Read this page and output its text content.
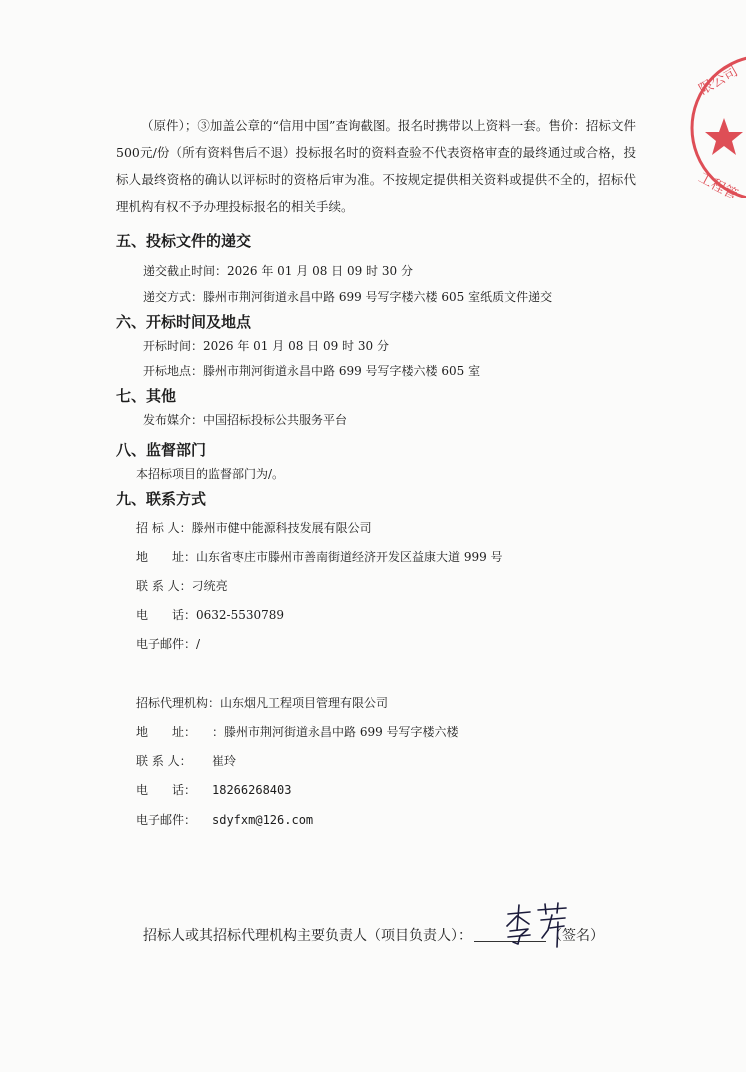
（原件）；③加盖公章的“信用中国”查询截图。报名时携带以上资料一套。售价：招标文件 500元/份（所有资料售后不退）投标报名时的资料查验不代表资格审查的最终通过或合格，投标人最终资格的确认以评标时的资格后审为准。不按规定提供相关资料或提供不全的，招标代理机构有权不予办理投标报名的相关手续。
五、投标文件的递交
递交截止时间：2026 年 01 月 08 日 09 时 30 分
递交方式：滕州市荆河街道永昌中路 699 号写字楼六楼 605 室纸质文件递交
六、开标时间及地点
开标时间：2026 年 01 月 08 日 09 时 30 分
开标地点：滕州市荆河街道永昌中路 699 号写字楼六楼 605 室
七、其他
发布媒介：中国招标投标公共服务平台
八、监督部门
本招标项目的监督部门为/。
九、联系方式
招 标 人：滕州市健中能源科技发展有限公司
地　　址：山东省枣庄市滕州市善南街道经济开发区益康大道 999 号
联 系 人：刁统亮
电　　话：0632-5530789
电子邮件：/
招标代理机构：山东烟凡工程项目管理有限公司
地　　址： ：滕州市荆河街道永昌中路 699 号写字楼六楼
联 系 人： 崔玲
电　　话： 18266268403
电子邮件： sdyfxm@126.com
招标人或其招标代理机构主要负责人（项目负责人）：	（签名）
限公司
工程管
